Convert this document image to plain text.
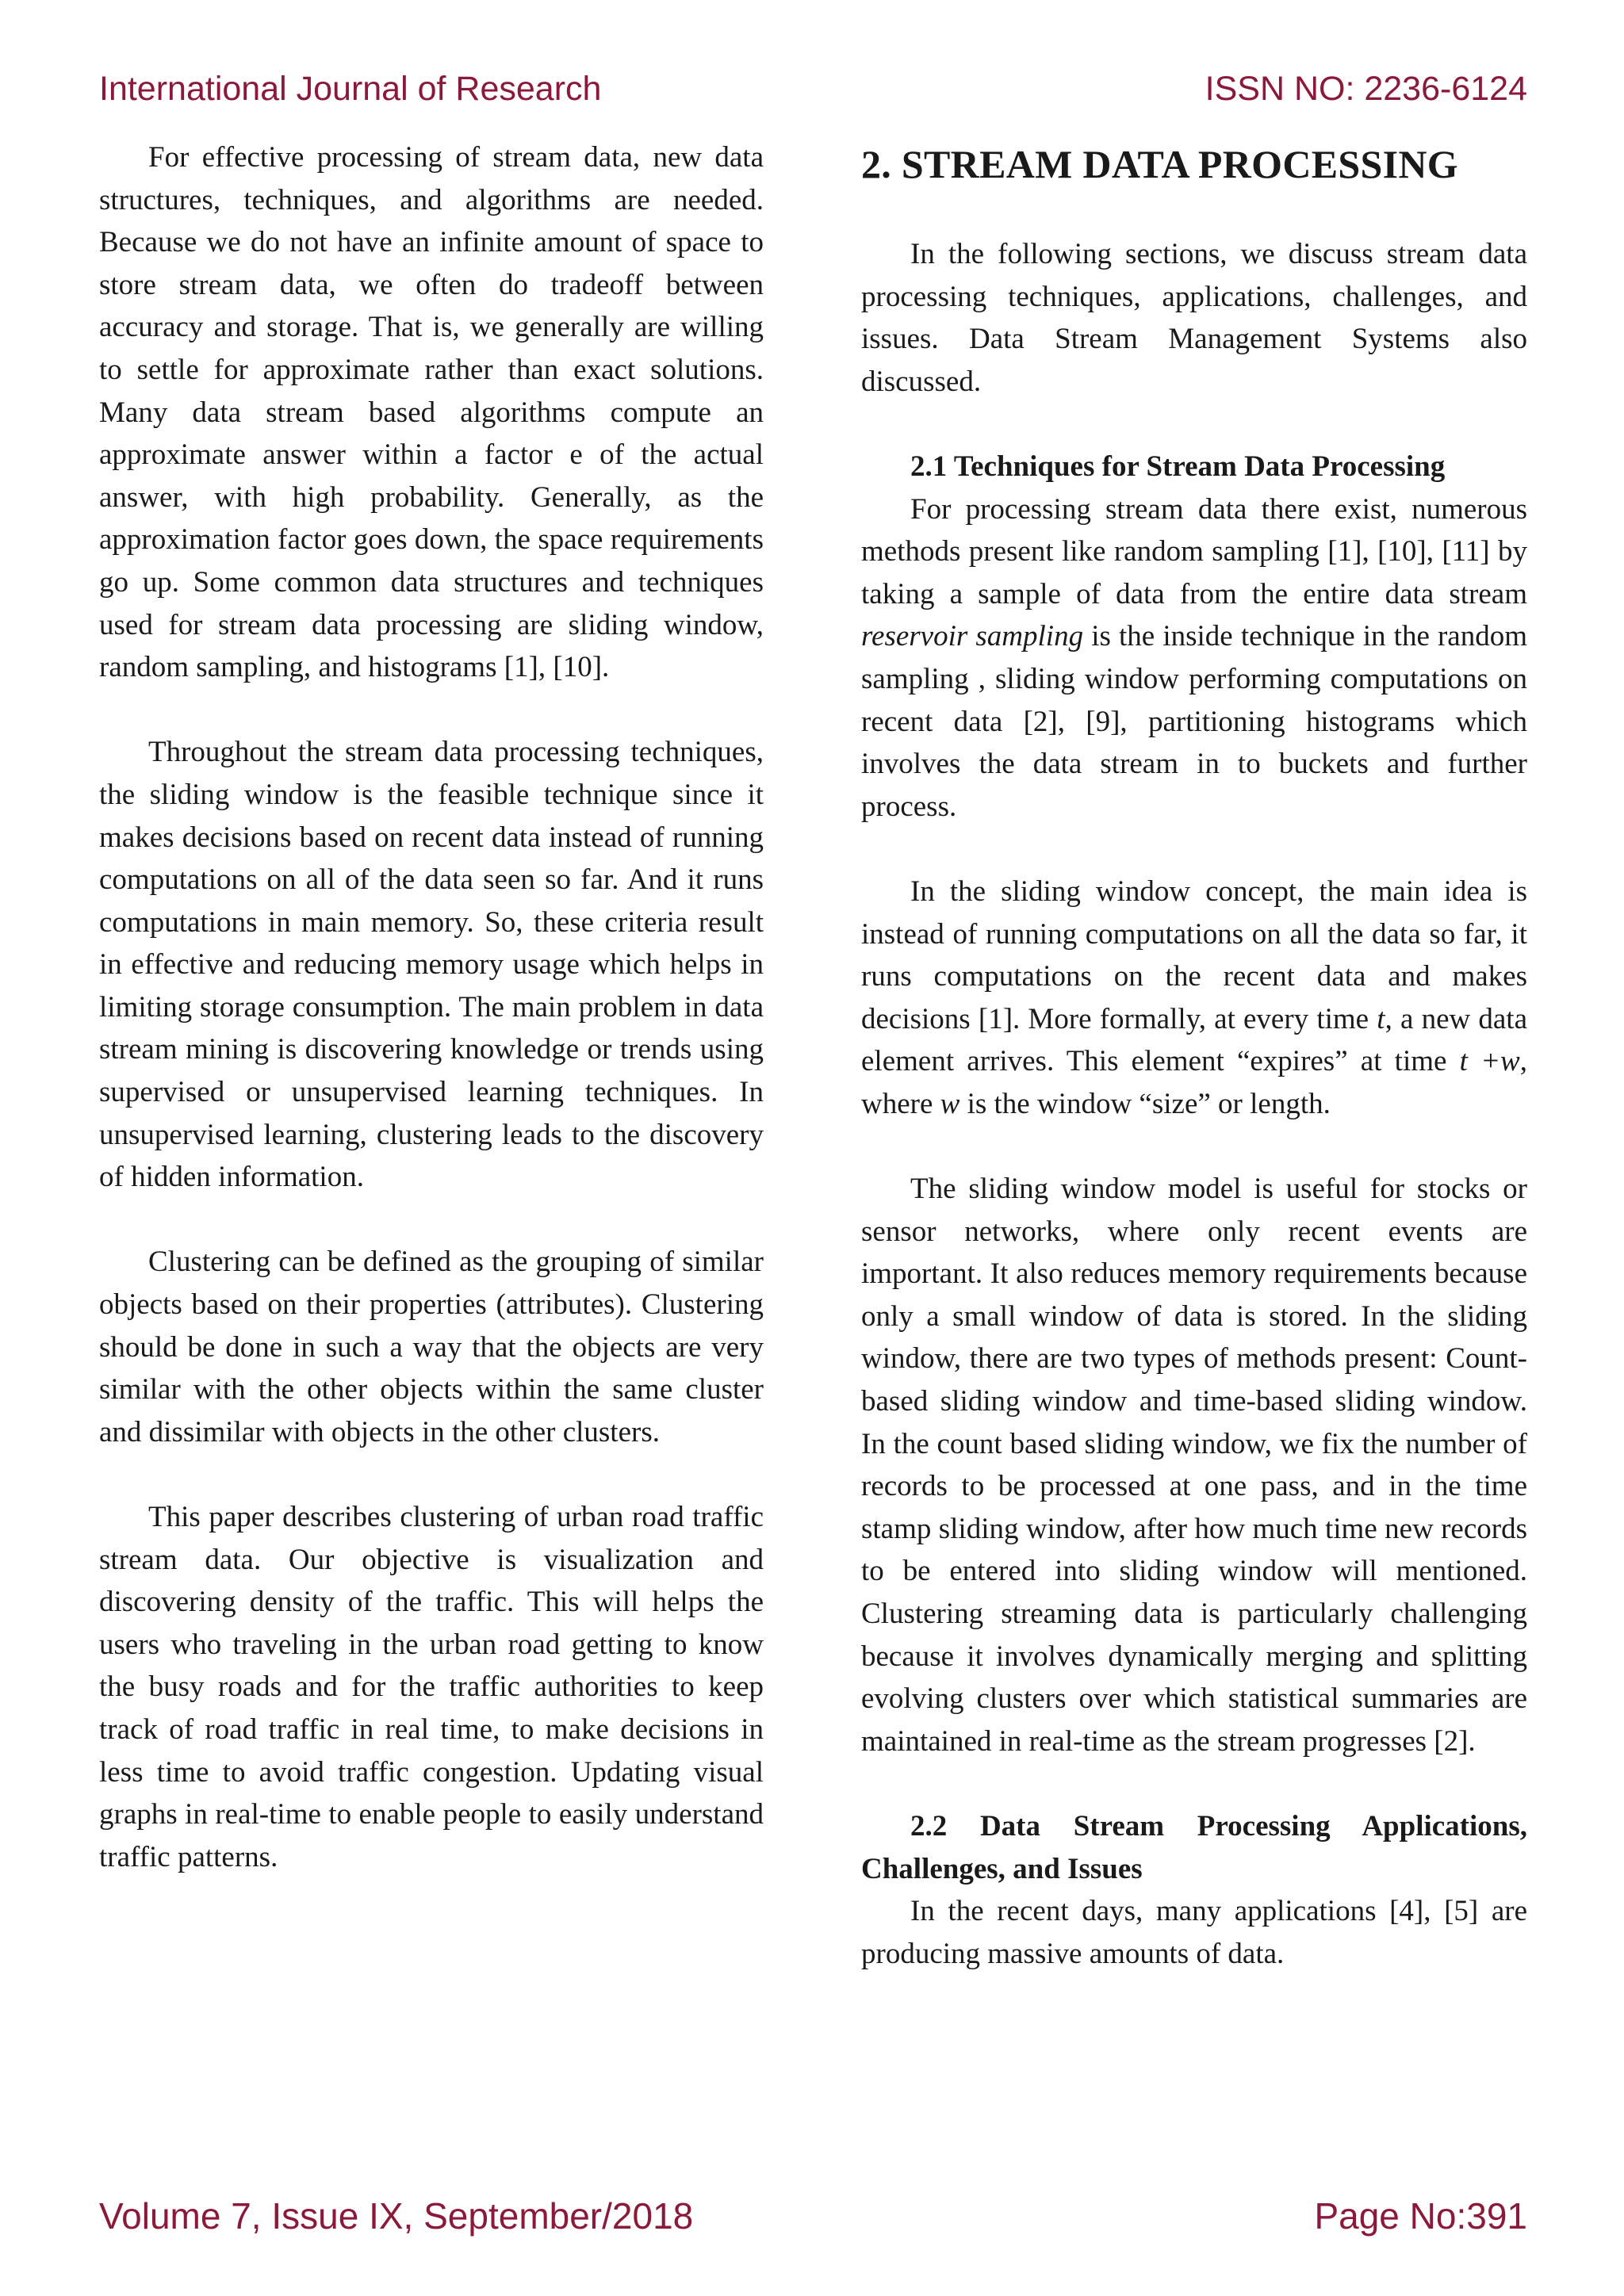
International Journal of Research	ISSN NO: 2236-6124

For effective processing of stream data, new data structures, techniques, and algorithms are needed. Because we do not have an infinite amount of space to store stream data, we often do tradeoff between accuracy and storage. That is, we generally are willing to settle for approximate rather than exact solutions. Many data stream based algorithms compute an approximate answer within a factor e of the actual answer, with high probability. Generally, as the approximation factor goes down, the space requirements go up. Some common data structures and techniques used for stream data processing are sliding window, random sampling, and histograms [1], [10].

Throughout the stream data processing techniques, the sliding window is the feasible technique since it makes decisions based on recent data instead of running computations on all of the data seen so far. And it runs computations in main memory. So, these criteria result in effective and reducing memory usage which helps in limiting storage consumption. The main problem in data stream mining is discovering knowledge or trends using supervised or unsupervised learning techniques. In unsupervised learning, clustering leads to the discovery of hidden information.

Clustering can be defined as the grouping of similar objects based on their properties (attributes). Clustering should be done in such a way that the objects are very similar with the other objects within the same cluster and dissimilar with objects in the other clusters.

This paper describes clustering of urban road traffic stream data. Our objective is visualization and discovering density of the traffic. This will helps the users who traveling in the urban road getting to know the busy roads and for the traffic authorities to keep track of road traffic in real time, to make decisions in less time to avoid traffic congestion. Updating visual graphs in real-time to enable people to easily understand traffic patterns.

2. STREAM DATA PROCESSING

In the following sections, we discuss stream data processing techniques, applications, challenges, and issues. Data Stream Management Systems also discussed.

2.1 Techniques for Stream Data Processing

For processing stream data there exist, numerous methods present like random sampling [1], [10], [11] by taking a sample of data from the entire data stream reservoir sampling is the inside technique in the random sampling , sliding window performing computations on recent data [2], [9], partitioning histograms which involves the data stream in to buckets and further process.

In the sliding window concept, the main idea is instead of running computations on all the data so far, it runs computations on the recent data and makes decisions [1]. More formally, at every time t, a new data element arrives. This element “expires” at time t +w, where w is the window “size” or length.

The sliding window model is useful for stocks or sensor networks, where only recent events are important. It also reduces memory requirements because only a small window of data is stored. In the sliding window, there are two types of methods present: Count- based sliding window and time-based sliding window. In the count based sliding window, we fix the number of records to be processed at one pass, and in the time stamp sliding window, after how much time new records to be entered into sliding window will mentioned. Clustering streaming data is particularly challenging because it involves dynamically merging and splitting evolving clusters over which statistical summaries are maintained in real-time as the stream progresses [2].

2.2 Data Stream Processing Applications, Challenges, and Issues

In the recent days, many applications [4], [5] are producing massive amounts of data.

Volume 7, Issue IX, September/2018	Page No:391
